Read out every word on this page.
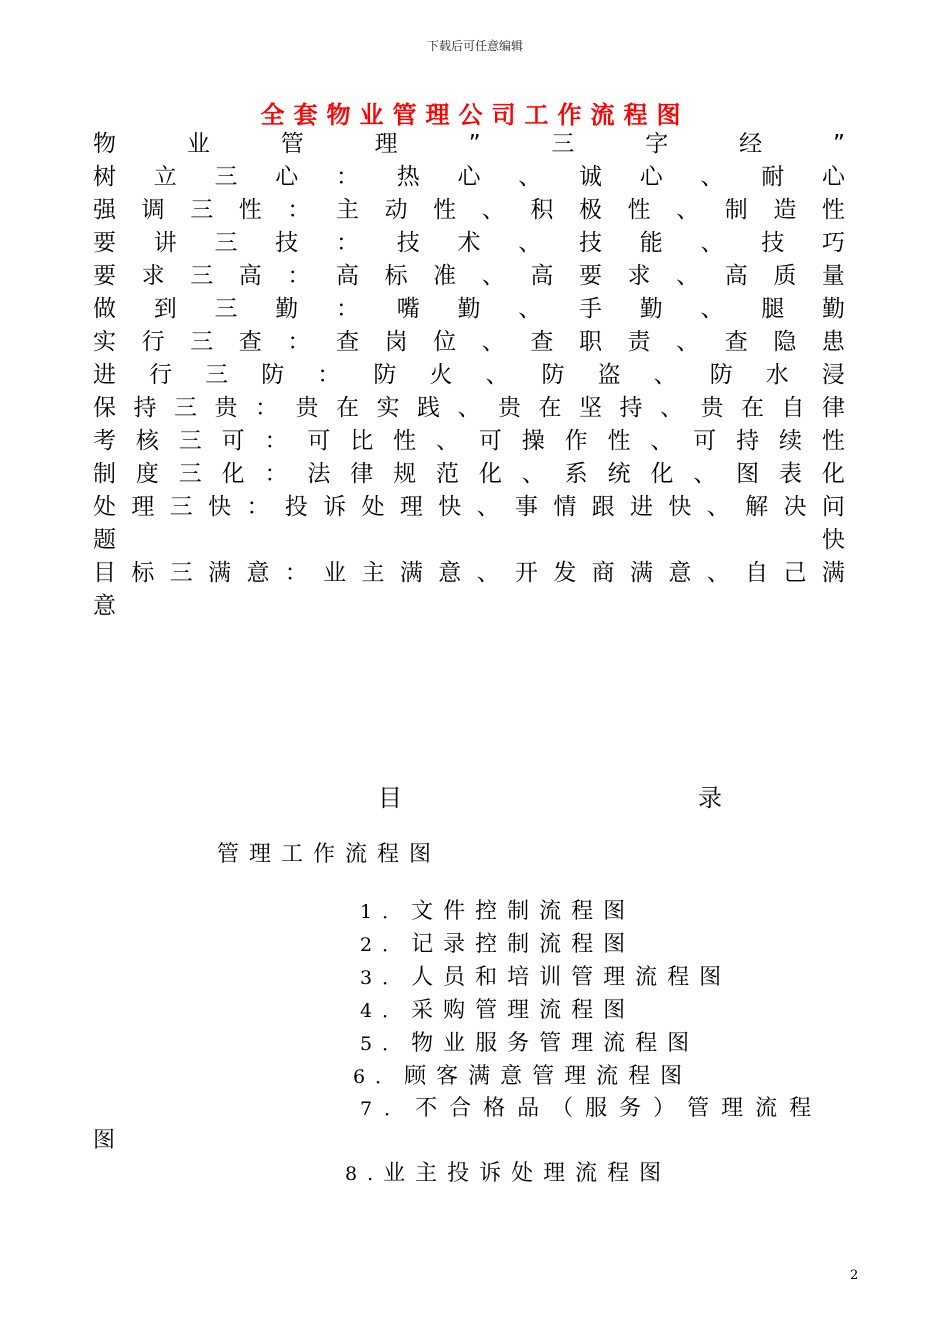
下载后可任意编辑
全套物业管理公司工作流程图
物	业	管	理	”	三	字	经	”
树 立 三 心 ： 热 心 、 诚 心 、 耐 心
强 调 三 性 ： 主 动 性 、 积 极 性 、 制 造 性
要 讲 三 技 ： 技 术 、 技 能 、 技 巧
要 求 三 高 ： 高 标 准 、 高 要 求 、 高 质 量
做 到 三 勤 ： 嘴 勤 、 手 勤 、 腿 勤
实 行 三 查 ： 查 岗 位 、 查 职 责 、 查 隐 患
进 行 三 防 ： 防 火 、 防 盗 、 防 水 浸
保 持 三 贵 ： 贵 在 实 践 、 贵 在 坚 持 、 贵 在 自 律
考 核 三 可 ： 可 比 性 、 可 操 作 性 、 可 持 续 性
制 度 三 化 ： 法 律 规 范 化 、 系 统 化 、 图 表 化
处 理 三 快 ： 投 诉 处 理 快 、 事 情 跟 进 快 、 解 决 问
题	快
目 标 三 满 意 ： 业 主 满 意 、 开 发 商 满 意 、 自 己 满
意
目	录
管理工作流程图
1．文件控制流程图
2．记录控制流程图
3．人员和培训管理流程图
4．采购管理流程图
5．物业服务管理流程图
6．顾客满意管理流程图
7．不合格品（服务）管理流程
图
8.业主投诉处理流程图
2
